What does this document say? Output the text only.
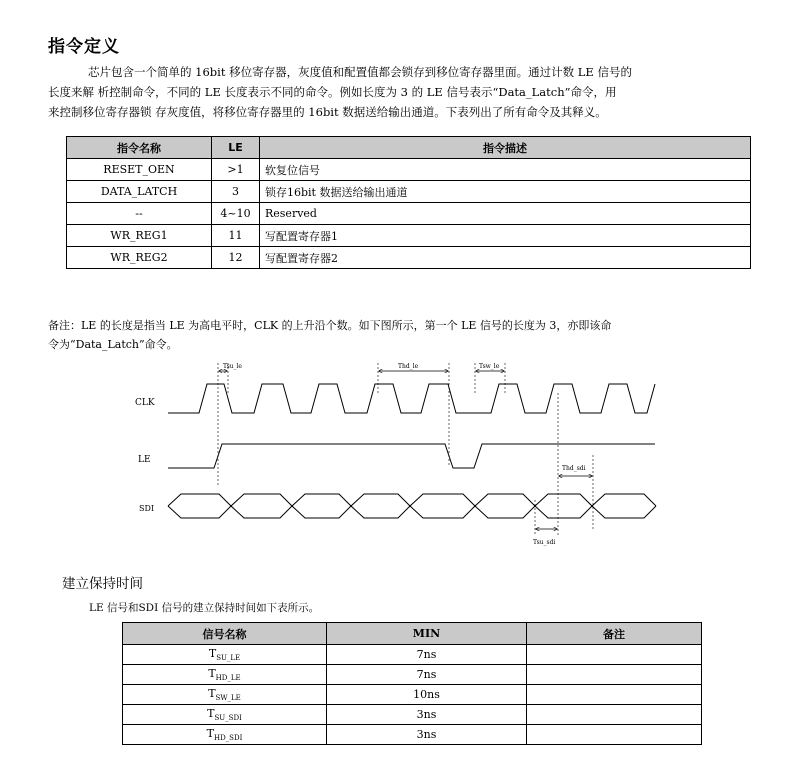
指令定义

芯片包含一个简单的 16bit 移位寄存器，灰度值和配置值都会锁存到移位寄存器里面。通过计数 LE 信号的

长度来解 析控制命令，不同的 LE 长度表示不同的命令。例如长度为 3 的 LE 信号表示“Data_Latch”命令，用

来控制移位寄存器锁 存灰度值，将移位寄存器里的 16bit 数据送给输出通道。下表列出了所有命令及其释义。

指令名称	LE	指令描述
RESET_OEN	>1	软复位信号
DATA_LATCH	3	锁存16bit 数据送给输出通道
--	4~10	Reserved
WR_REG1	11	写配置寄存器1
WR_REG2	12	写配置寄存器2
备注：LE 的长度是指当 LE 为高电平时，CLK 的上升沿个数。如下图所示，第一个 LE 信号的长度为 3，亦即该命
令为“Data_Latch”命令。
CLK
LE
SDI
Tsu_le	Thd_le	Tsw_le
Thd_sdi
Tsu_sdi
建立保持时间
LE 信号和SDI 信号的建立保持时间如下表所示。
信号名称	MIN	备注
$T_{SU\_LE}$	7ns	
$T_{HD\_LE}$	7ns	
$T_{SW\_LE}$	10ns	
$T_{SU\_SDI}$	3ns	
$T_{HD\_SDI}$	3ns	
